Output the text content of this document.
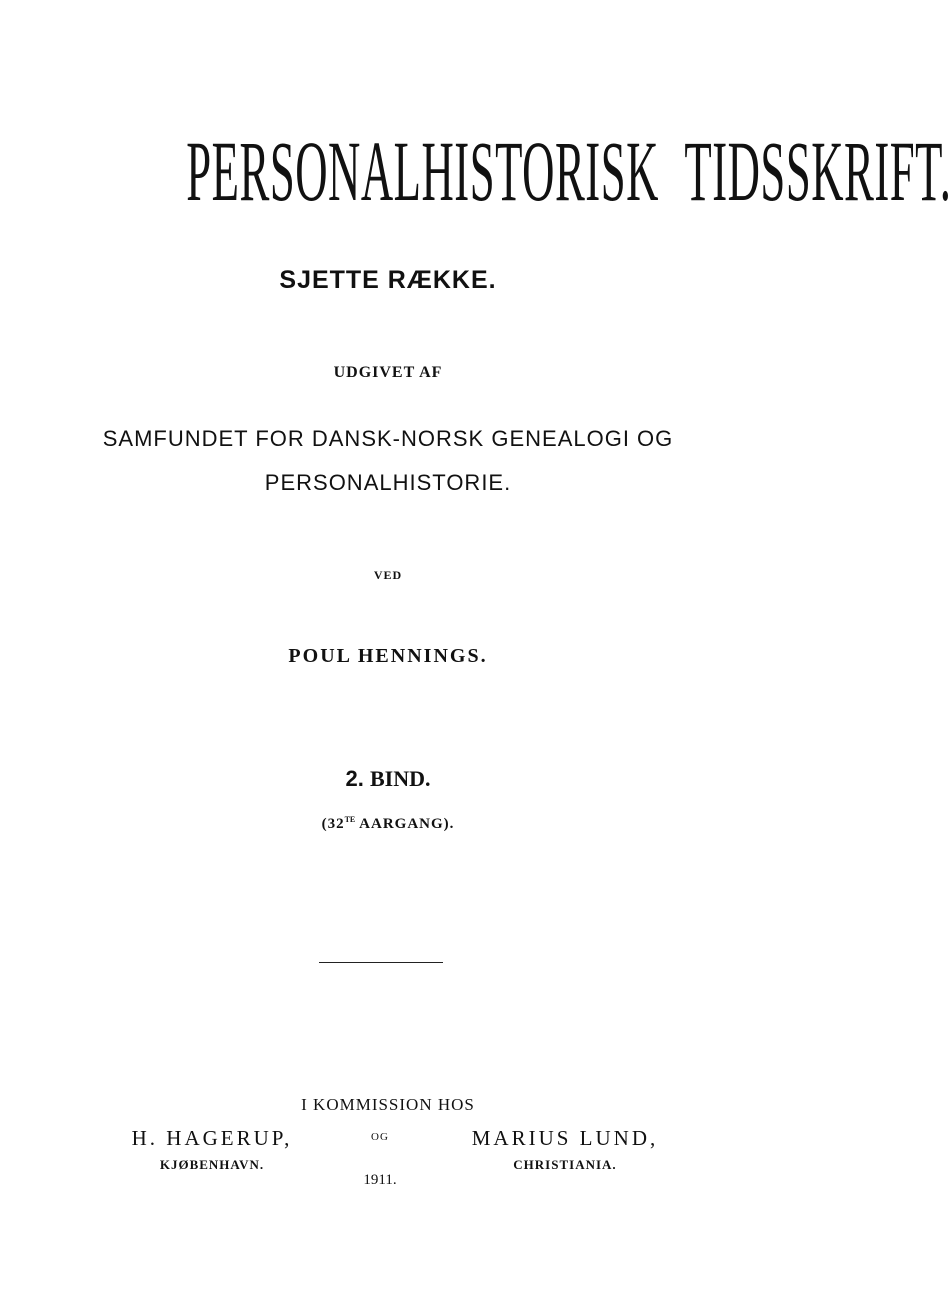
PERSONALHISTORISK TIDSSKRIFT.
SJETTE RÆKKE.
UDGIVET AF
SAMFUNDET FOR DANSK-NORSK GENEALOGI OG
PERSONALHISTORIE.
VED
POUL HENNINGS.
2. BIND.
($32^{TE}$ AARGANG).
I KOMMISSION HOS
H. HAGERUP,
KJØBENHAVN.
OG	MARIUS LUND,
CHRISTIANIA.
1911.
